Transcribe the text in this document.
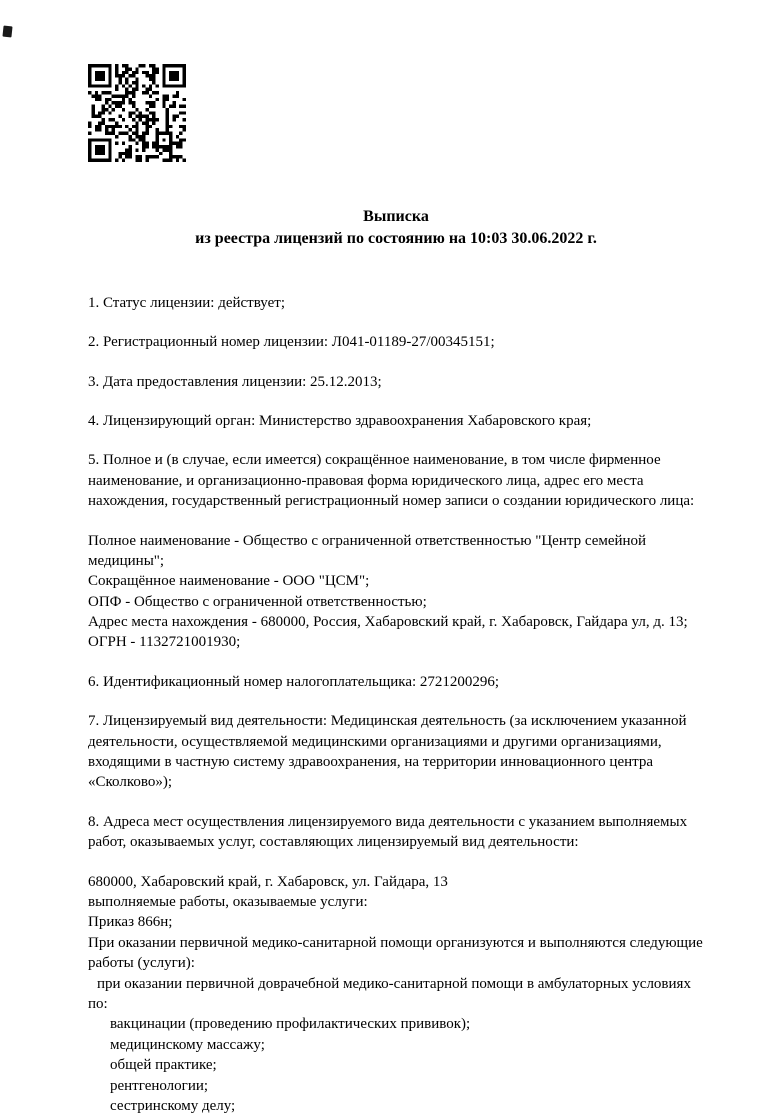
Выписка
из реестра лицензий по состоянию на 10:03 30.06.2022 г.

1. Статус лицензии: действует;

2. Регистрационный номер лицензии: Л041-01189-27/00345151;

3. Дата предоставления лицензии: 25.12.2013;

4. Лицензирующий орган: Министерство здравоохранения Хабаровского края;

5. Полное и (в случае, если имеется) сокращённое наименование, в том числе фирменное наименование, и организационно-правовая форма юридического лица, адрес его места нахождения, государственный регистрационный номер записи о создании юридического лица:

Полное наименование - Общество с ограниченной ответственностью "Центр семейной медицины";
Сокращённое наименование - ООО "ЦСМ";
ОПФ - Общество с ограниченной ответственностью;
Адрес места нахождения - 680000, Россия, Хабаровский край, г. Хабаровск, Гайдара ул, д. 13;
ОГРН - 1132721001930;

6. Идентификационный номер налогоплательщика: 2721200296;

7. Лицензируемый вид деятельности: Медицинская деятельность (за исключением указанной деятельности, осуществляемой медицинскими организациями и другими организациями, входящими в частную систему здравоохранения, на территории инновационного центра «Сколково»);

8. Адреса мест осуществления лицензируемого вида деятельности с указанием выполняемых работ, оказываемых услуг, составляющих лицензируемый вид деятельности:

680000, Хабаровский край, г. Хабаровск, ул. Гайдара, 13
выполняемые работы, оказываемые услуги:
Приказ 866н;
При оказании первичной медико-санитарной помощи организуются и выполняются следующие работы (услуги):
при оказании первичной доврачебной медико-санитарной помощи в амбулаторных условиях по:
вакцинации (проведению профилактических прививок);
медицинскому массажу;
общей практике;
рентгенологии;
сестринскому делу;
